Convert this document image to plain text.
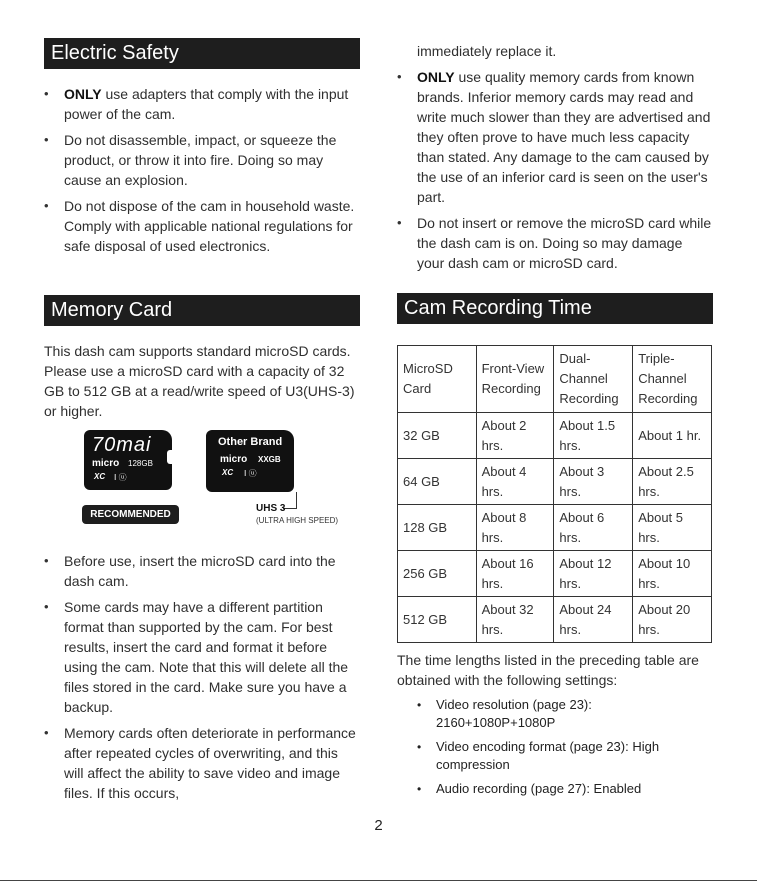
Electric Safety
• ONLY use adapters that comply with the input power of the cam.
• Do not disassemble, impact, or squeeze the product, or throw it into fire. Doing so may cause an explosion.
• Do not dispose of the cam in household waste. Comply with applicable national regulations for safe disposal of used electronics.
Memory Card

This dash cam supports standard microSD cards. Please use a microSD card with a capacity of 32 GB to 512 GB at a read/write speed of U3(UHS-3) or higher.

70mai
micro 128GB
XC Ⅰ ⓤ
Other Brand
micro XXGB
XC Ⅰ ⓤ
RECOMMENDED
UHS 3
(ULTRA HIGH SPEED)
• Before use, insert the microSD card into the dash cam.
• Some cards may have a different partition format than supported by the cam. For best results, insert the card and format it before using the cam. Note that this will delete all the files stored in the card. Make sure you have a backup.
• Memory cards often deteriorate in performance after repeated cycles of overwriting, and this will affect the ability to save video and image files. If this occurs,

immediately replace it.

• ONLY use quality memory cards from known brands. Inferior memory cards may read and write much slower than they are advertised and they often prove to have much less capacity than stated. Any damage to the cam caused by the use of an inferior card is seen on the user's part.
• Do not insert or remove the microSD card while the dash cam is on. Doing so may damage your dash cam or microSD card.
Cam Recording Time
MicroSD Card	Front-View Recording	Dual-Channel Recording	Triple-Channel Recording
32 GB	About 2 hrs.	About 1.5 hrs.	About 1 hr.
64 GB	About 4 hrs.	About 3 hrs.	About 2.5 hrs.
128 GB	About 8 hrs.	About 6 hrs.	About 5 hrs.
256 GB	About 16 hrs.	About 12 hrs.	About 10 hrs.
512 GB	About 32 hrs.	About 24 hrs.	About 20 hrs.

The time lengths listed in the preceding table are obtained with the following settings:

• Video resolution (page 23): 2160+1080P+1080P
• Video encoding format (page 23): High compression
• Audio recording (page 27): Enabled
2
